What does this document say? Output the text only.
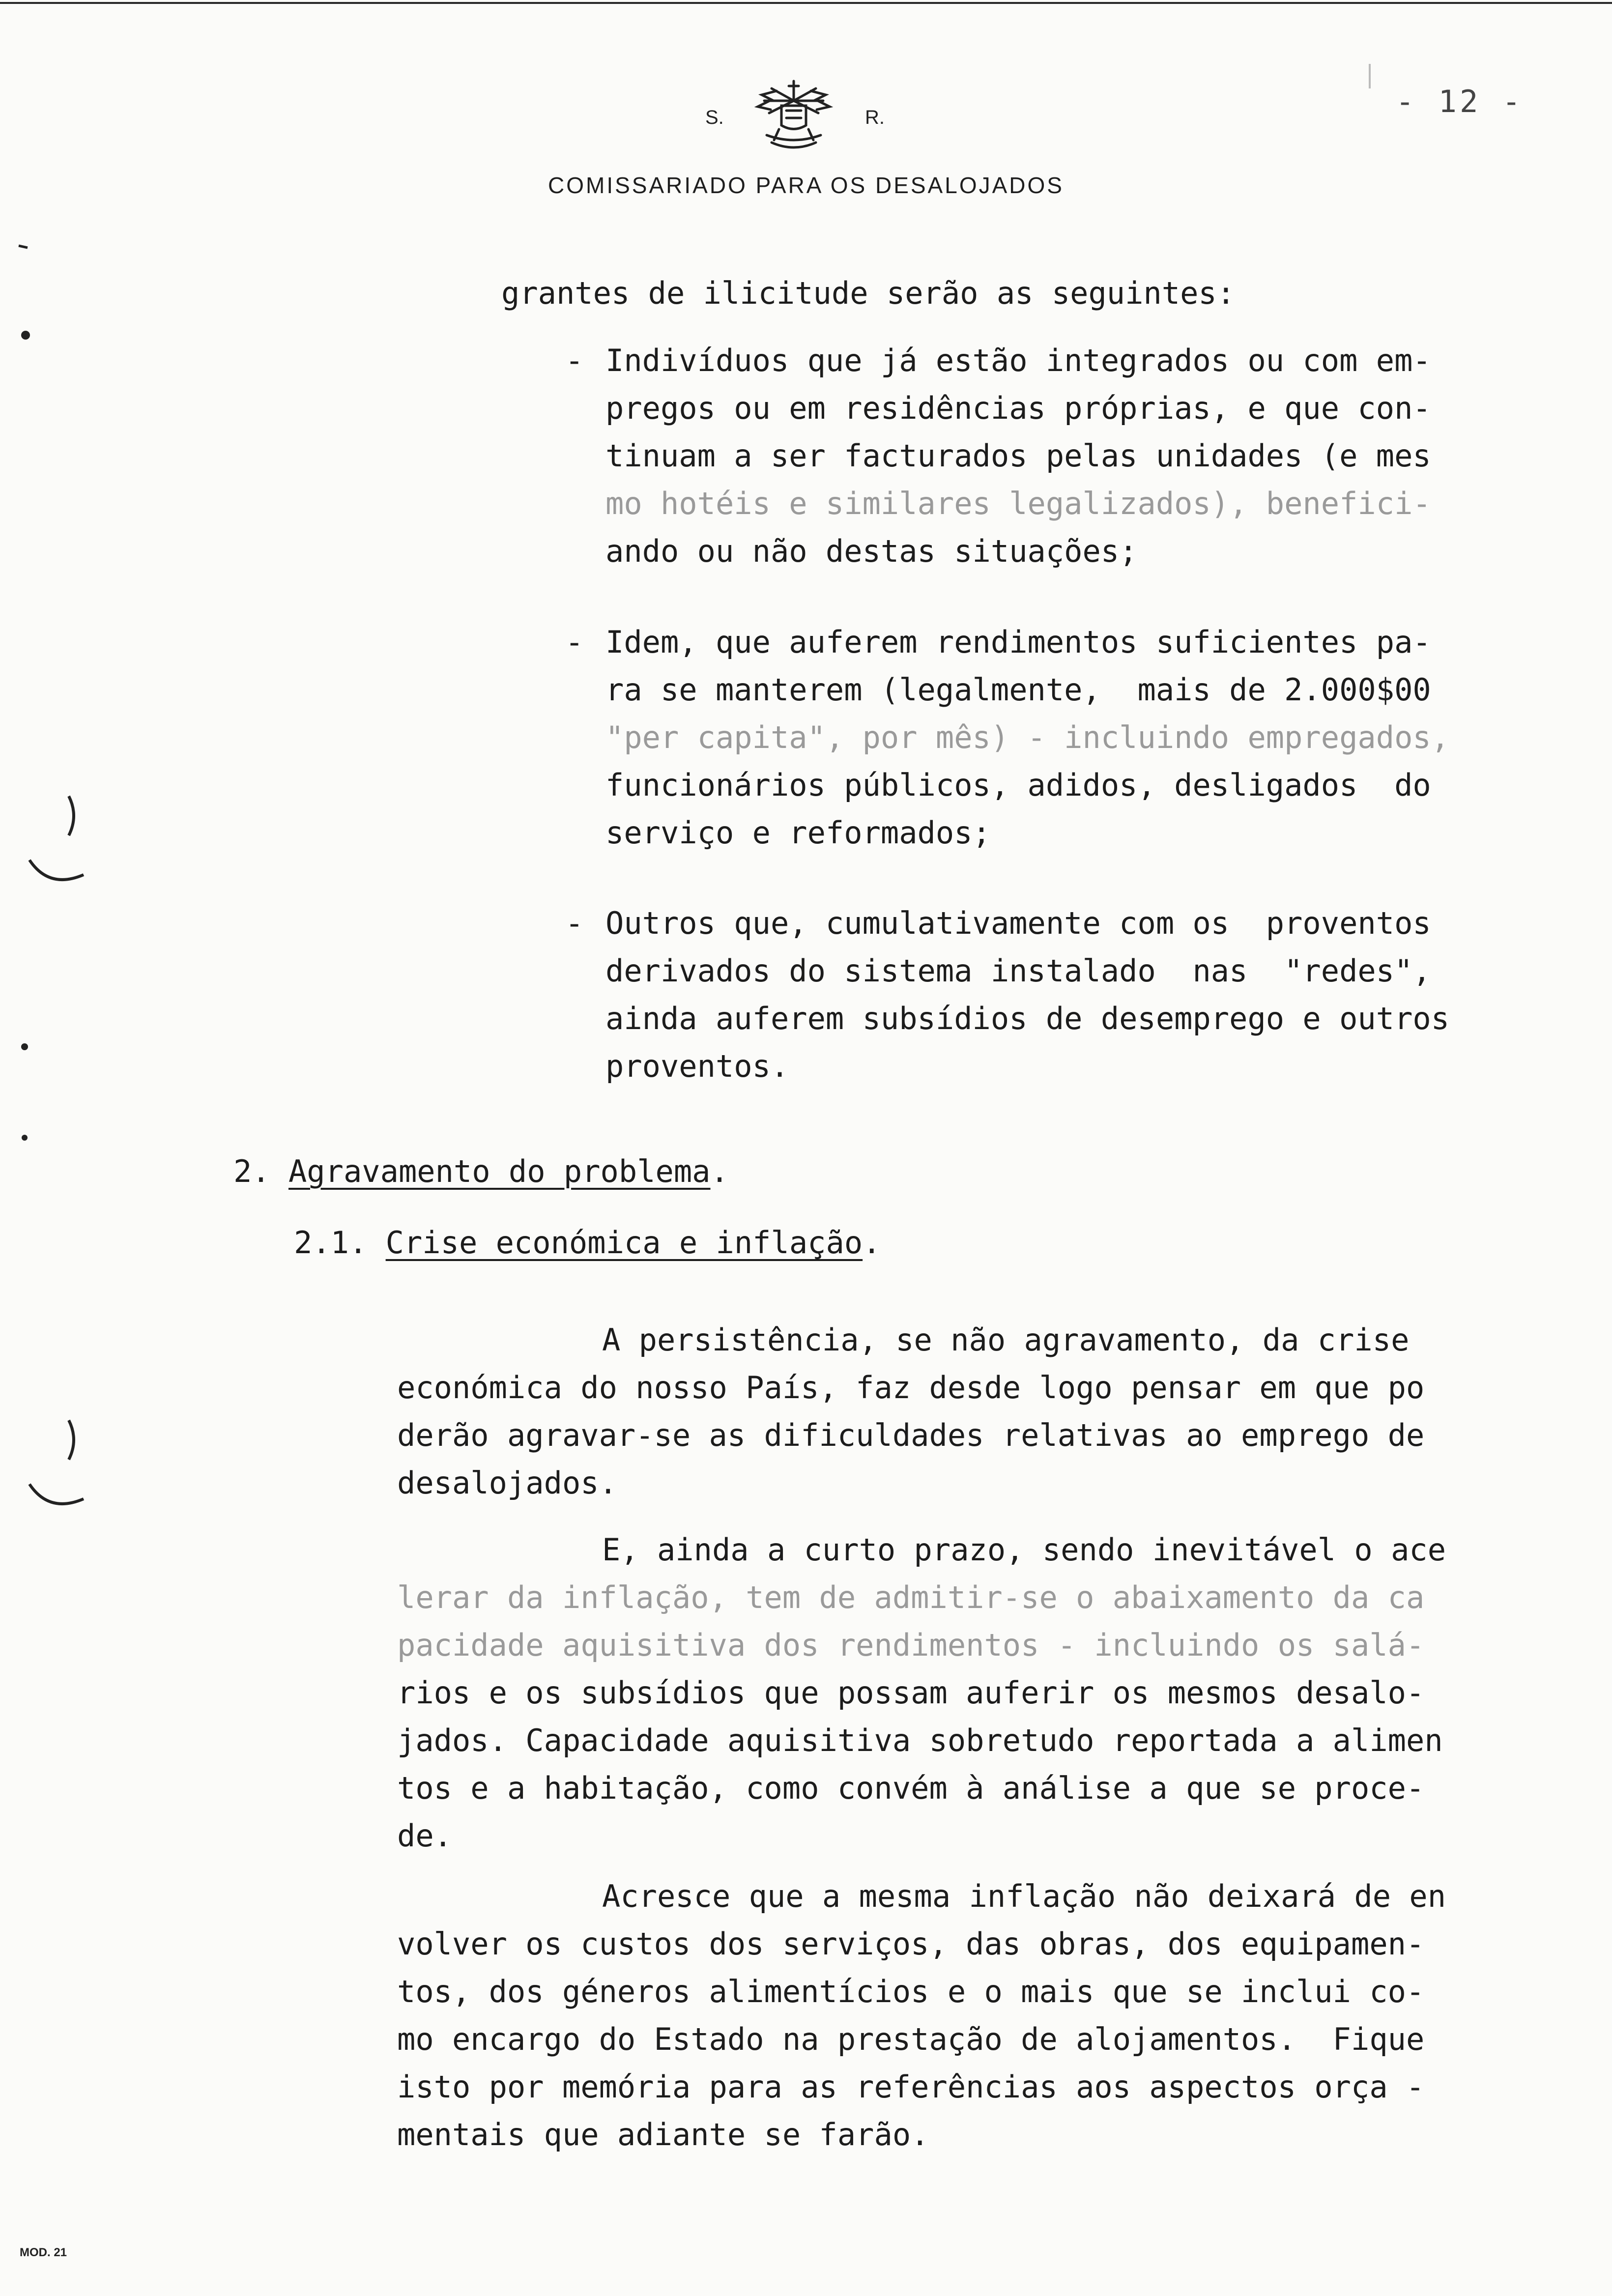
S.	R.
COMISSARIADO PARA OS DESALOJADOS
- 12 -

grantes de ilicitude serão as seguintes:

- Indivíduos que já estão integrados ou com em-

pregos ou em residências próprias, e que con-

tinuam a ser facturados pelas unidades (e mes

mo hotéis e similares legalizados), benefici-

ando ou não destas situações;

- Idem, que auferem rendimentos suficientes pa-

ra se manterem (legalmente,  mais de 2.000$00

"per capita", por mês) - incluindo empregados,

funcionários públicos, adidos, desligados  do

serviço e reformados;

- Outros que, cumulativamente com os  proventos

derivados do sistema instalado  nas  "redes",

ainda auferem subsídios de desemprego e outros

proventos.

2. Agravamento do problema.

2.1. Crise económica e inflação.

A persistência, se não agravamento, da crise

económica do nosso País, faz desde logo pensar em que po

derão agravar-se as dificuldades relativas ao emprego de

desalojados.

E, ainda a curto prazo, sendo inevitável o ace

lerar da inflação, tem de admitir-se o abaixamento da ca

pacidade aquisitiva dos rendimentos - incluindo os salá-

rios e os subsídios que possam auferir os mesmos desalo-

jados. Capacidade aquisitiva sobretudo reportada a alimen

tos e a habitação, como convém à análise a que se proce-

de.

Acresce que a mesma inflação não deixará de en

volver os custos dos serviços, das obras, dos equipamen-

tos, dos géneros alimentícios e o mais que se inclui co-

mo encargo do Estado na prestação de alojamentos.  Fique

isto por memória para as referências aos aspectos orça -

mentais que adiante se farão.

MOD. 21
